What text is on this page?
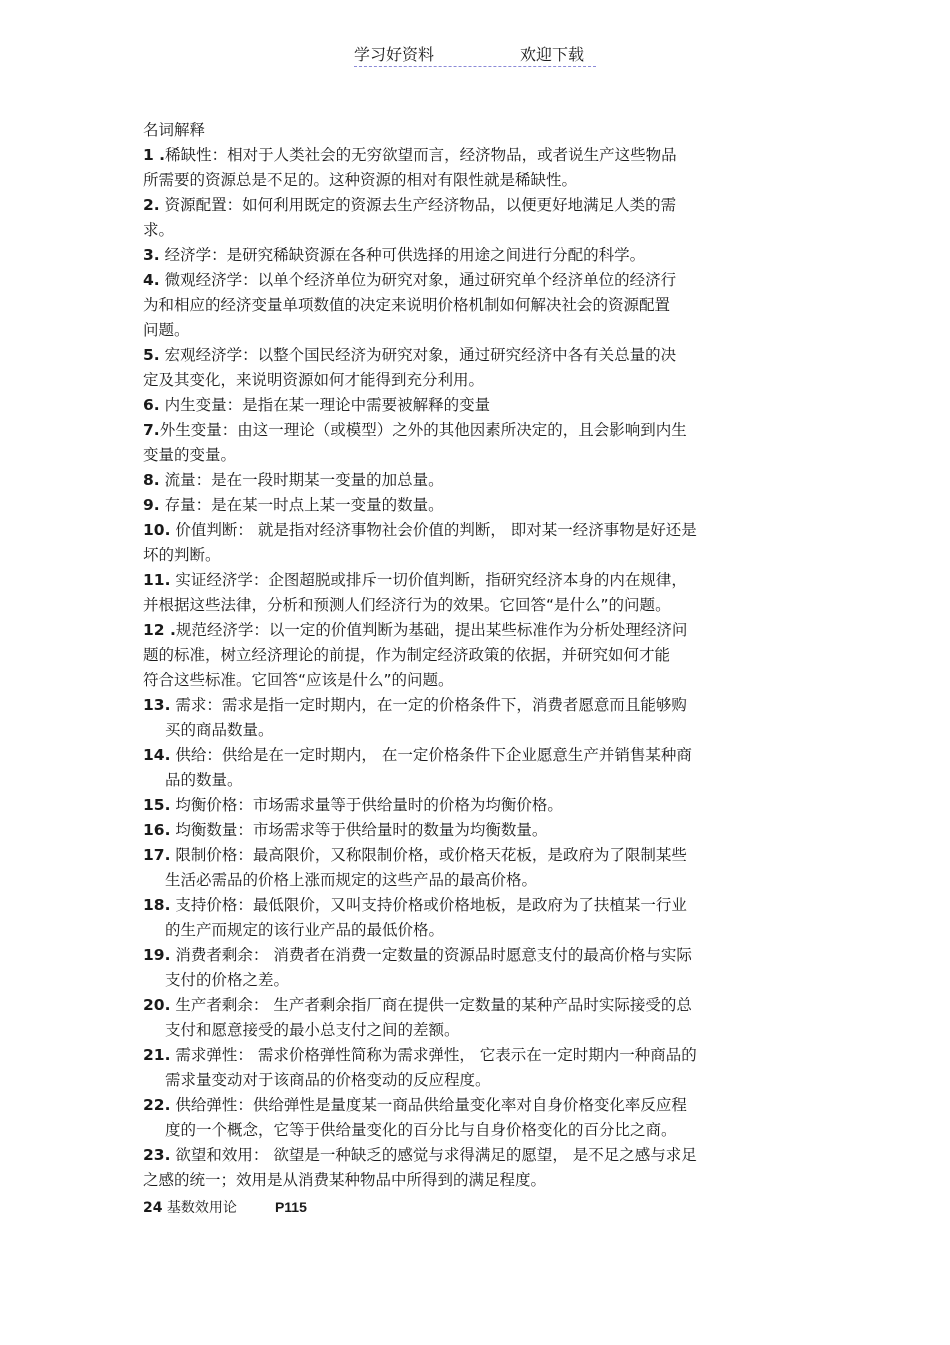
学习好资料	欢迎下载
名词解释
1 .稀缺性：相对于人类社会的无穷欲望而言，经济物品，或者说生产这些物品
所需要的资源总是不足的。这种资源的相对有限性就是稀缺性。
2. 资源配置：如何利用既定的资源去生产经济物品，以便更好地满足人类的需
求。
3. 经济学：是研究稀缺资源在各种可供选择的用途之间进行分配的科学。
4. 微观经济学：以单个经济单位为研究对象，通过研究单个经济单位的经济行
为和相应的经济变量单项数值的决定来说明价格机制如何解决社会的资源配置
问题。
5. 宏观经济学：以整个国民经济为研究对象，通过研究经济中各有关总量的决
定及其变化，来说明资源如何才能得到充分利用。
6. 内生变量：是指在某一理论中需要被解释的变量
7.外生变量：由这一理论（或模型）之外的其他因素所决定的，且会影响到内生
变量的变量。
8. 流量：是在一段时期某一变量的加总量。
9. 存量：是在某一时点上某一变量的数量。
10. 价值判断： 就是指对经济事物社会价值的判断， 即对某一经济事物是好还是
坏的判断。
11. 实证经济学：企图超脱或排斥一切价值判断，指研究经济本身的内在规律，
并根据这些法律，分析和预测人们经济行为的效果。它回答“是什么”的问题。
12 .规范经济学：以一定的价值判断为基础，提出某些标准作为分析处理经济问
题的标准，树立经济理论的前提，作为制定经济政策的依据，并研究如何才能
符合这些标准。它回答“应该是什么”的问题。
13. 需求：需求是指一定时期内，在一定的价格条件下，消费者愿意而且能够购
买的商品数量。
14. 供给：供给是在一定时期内， 在一定价格条件下企业愿意生产并销售某种商
品的数量。
15. 均衡价格：市场需求量等于供给量时的价格为均衡价格。
16. 均衡数量：市场需求等于供给量时的数量为均衡数量。
17. 限制价格：最高限价，又称限制价格，或价格天花板，是政府为了限制某些
生活必需品的价格上涨而规定的这些产品的最高价格。
18. 支持价格：最低限价，又叫支持价格或价格地板，是政府为了扶植某一行业
的生产而规定的该行业产品的最低价格。
19. 消费者剩余： 消费者在消费一定数量的资源品时愿意支付的最高价格与实际
支付的价格之差。
20. 生产者剩余： 生产者剩余指厂商在提供一定数量的某种产品时实际接受的总
支付和愿意接受的最小总支付之间的差额。
21. 需求弹性： 需求价格弹性简称为需求弹性， 它表示在一定时期内一种商品的
需求量变动对于该商品的价格变动的反应程度。
22. 供给弹性：供给弹性是量度某一商品供给量变化率对自身价格变化率反应程
度的一个概念，它等于供给量变化的百分比与自身价格变化的百分比之商。
23. 欲望和效用： 欲望是一种缺乏的感觉与求得满足的愿望， 是不足之感与求足
之感的统一；效用是从消费某种物品中所得到的满足程度。
24 基数效用论	P115
